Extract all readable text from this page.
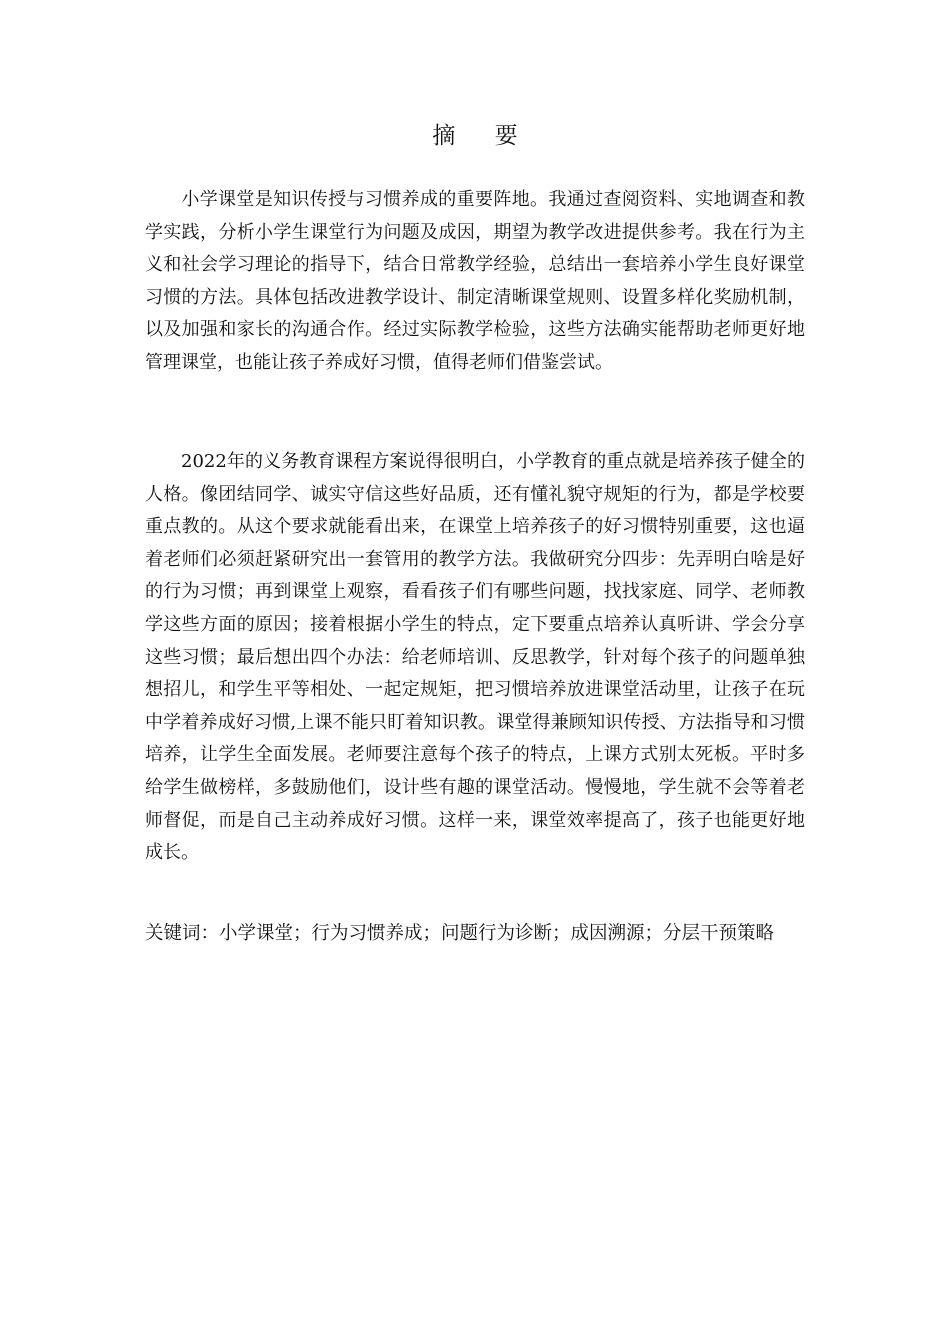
摘 要

小学课堂是知识传授与习惯养成的重要阵地。我通过查阅资料、实地调查和教学实践，分析小学生课堂行为问题及成因，期望为教学改进提供参考。我在行为主义和社会学习理论的指导下，结合日常教学经验，总结出一套培养小学生良好课堂习惯的方法。具体包括改进教学设计、制定清晰课堂规则、设置多样化奖励机制，以及加强和家长的沟通合作。经过实际教学检验，这些方法确实能帮助老师更好地管理课堂，也能让孩子养成好习惯，值得老师们借鉴尝试。

2022年的义务教育课程方案说得很明白，小学教育的重点就是培养孩子健全的人格。像团结同学、诚实守信这些好品质，还有懂礼貌守规矩的行为，都是学校要重点教的。从这个要求就能看出来，在课堂上培养孩子的好习惯特别重要，这也逼着老师们必须赶紧研究出一套管用的教学方法。我做研究分四步：先弄明白啥是好的行为习惯；再到课堂上观察，看看孩子们有哪些问题，找找家庭、同学、老师教学这些方面的原因；接着根据小学生的特点，定下要重点培养认真听讲、学会分享这些习惯；最后想出四个办法：给老师培训、反思教学，针对每个孩子的问题单独想招儿，和学生平等相处、一起定规矩，把习惯培养放进课堂活动里，让孩子在玩中学着养成好习惯,上课不能只盯着知识教。课堂得兼顾知识传授、方法指导和习惯培养，让学生全面发展。老师要注意每个孩子的特点，上课方式别太死板。平时多给学生做榜样，多鼓励他们，设计些有趣的课堂活动。慢慢地，学生就不会等着老师督促，而是自己主动养成好习惯。这样一来，课堂效率提高了，孩子也能更好地成长。

关键词：小学课堂；行为习惯养成；问题行为诊断；成因溯源；分层干预策略
